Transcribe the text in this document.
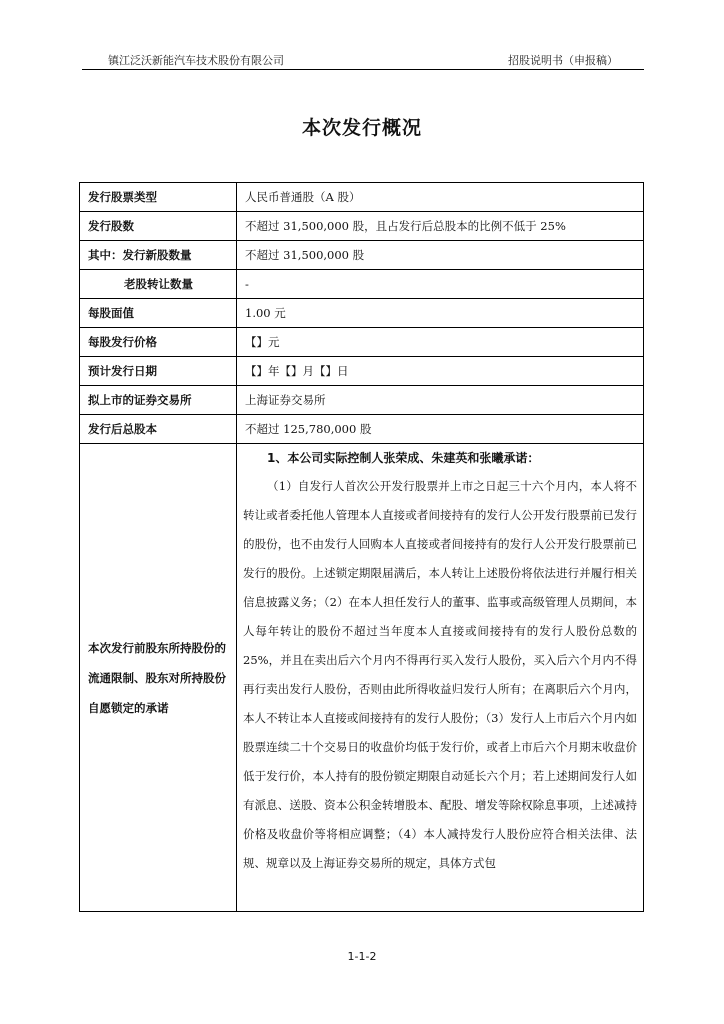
镇江泛沃新能汽车技术股份有限公司	招股说明书（申报稿）
本次发行概况
发行股票类型	人民币普通股（A 股）
发行股数	不超过 31,500,000 股，且占发行后总股本的比例不低于 25%
其中：发行新股数量	不超过 31,500,000 股
老股转让数量	-
每股面值	1.00 元
每股发行价格	【】元
预计发行日期	【】年【】月【】日
拟上市的证券交易所	上海证券交易所
发行后总股本	不超过 125,780,000 股
本次发行前股东所持股份的流通限制、股东对所持股份自愿锁定的承诺	1、本公司实际控制人张荣成、朱建英和张曦承诺：

（1）自发行人首次公开发行股票并上市之日起三十六个月内，本人将不转让或者委托他人管理本人直接或者间接持有的发行人公开发行股票前已发行的股份，也不由发行人回购本人直接或者间接持有的发行人公开发行股票前已发行的股份。上述锁定期限届满后，本人转让上述股份将依法进行并履行相关信息披露义务；（2）在本人担任发行人的董事、监事或高级管理人员期间，本人每年转让的股份不超过当年度本人直接或间接持有的发行人股份总数的25%，并且在卖出后六个月内不得再行买入发行人股份，买入后六个月内不得再行卖出发行人股份，否则由此所得收益归发行人所有；在离职后六个月内，本人不转让本人直接或间接持有的发行人股份；（3）发行人上市后六个月内如股票连续二十个交易日的收盘价均低于发行价，或者上市后六个月期末收盘价低于发行价，本人持有的股份锁定期限自动延长六个月；若上述期间发行人如有派息、送股、资本公积金转增股本、配股、增发等除权除息事项，上述减持价格及收盘价等将相应调整；（4）本人减持发行人股份应符合相关法律、法规、规章以及上海证券交易所的规定，具体方式包

1-1-2
